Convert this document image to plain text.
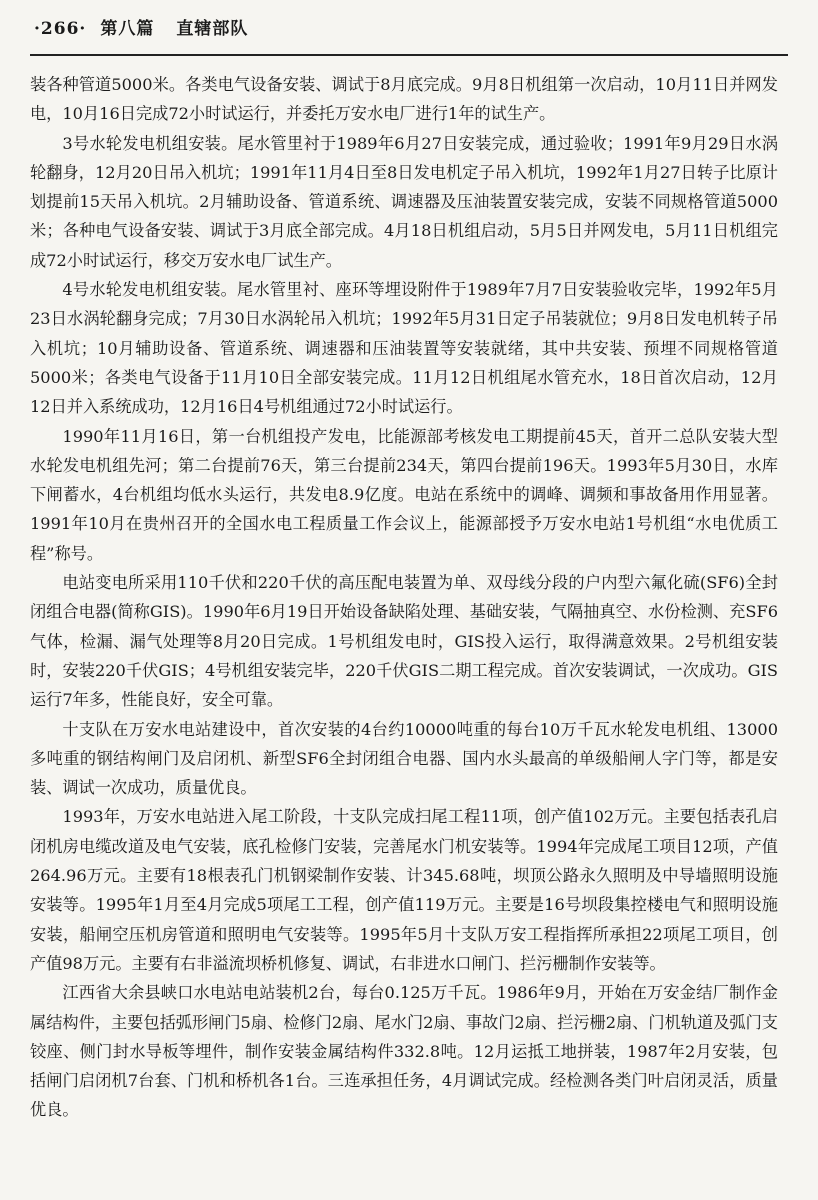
·266· 第八篇 直辖部队

装各种管道5000米。各类电气设备安装、调试于8月底完成。9月8日机组第一次启动，10月11日并网发电，10月16日完成72小时试运行，并委托万安水电厂进行1年的试生产。

3号水轮发电机组安装。尾水管里衬于1989年6月27日安装完成，通过验收；1991年9月29日水涡轮翻身，12月20日吊入机坑；1991年11月4日至8日发电机定子吊入机坑，1992年1月27日转子比原计划提前15天吊入机坑。2月辅助设备、管道系统、调速器及压油装置安装完成，安装不同规格管道5000米；各种电气设备安装、调试于3月底全部完成。4月18日机组启动，5月5日并网发电，5月11日机组完成72小时试运行，移交万安水电厂试生产。

4号水轮发电机组安装。尾水管里衬、座环等埋设附件于1989年7月7日安装验收完毕，1992年5月23日水涡轮翻身完成；7月30日水涡轮吊入机坑；1992年5月31日定子吊装就位；9月8日发电机转子吊入机坑；10月辅助设备、管道系统、调速器和压油装置等安装就绪，其中共安装、预埋不同规格管道5000米；各类电气设备于11月10日全部安装完成。11月12日机组尾水管充水，18日首次启动，12月12日并入系统成功，12月16日4号机组通过72小时试运行。

1990年11月16日，第一台机组投产发电，比能源部考核发电工期提前45天，首开二总队安装大型水轮发电机组先河；第二台提前76天，第三台提前234天，第四台提前196天。1993年5月30日，水库下闸蓄水，4台机组均低水头运行，共发电8.9亿度。电站在系统中的调峰、调频和事故备用作用显著。1991年10月在贵州召开的全国水电工程质量工作会议上，能源部授予万安水电站1号机组“水电优质工程”称号。

电站变电所采用110千伏和220千伏的高压配电装置为单、双母线分段的户内型六氟化硫(SF6)全封闭组合电器(简称GIS)。1990年6月19日开始设备缺陷处理、基础安装，气隔抽真空、水份检测、充SF6气体，检漏、漏气处理等8月20日完成。1号机组发电时，GIS投入运行，取得满意效果。2号机组安装时，安装220千伏GIS；4号机组安装完毕，220千伏GIS二期工程完成。首次安装调试，一次成功。GIS运行7年多，性能良好，安全可靠。

十支队在万安水电站建设中，首次安装的4台约10000吨重的每台10万千瓦水轮发电机组、13000多吨重的钢结构闸门及启闭机、新型SF6全封闭组合电器、国内水头最高的单级船闸人字门等，都是安装、调试一次成功，质量优良。

1993年，万安水电站进入尾工阶段，十支队完成扫尾工程11项，创产值102万元。主要包括表孔启闭机房电缆改道及电气安装，底孔检修门安装，完善尾水门机安装等。1994年完成尾工项目12项，产值264.96万元。主要有18根表孔门机钢梁制作安装、计345.68吨，坝顶公路永久照明及中导墙照明设施安装等。1995年1月至4月完成5项尾工工程，创产值119万元。主要是16号坝段集控楼电气和照明设施安装，船闸空压机房管道和照明电气安装等。1995年5月十支队万安工程指挥所承担22项尾工项目，创产值98万元。主要有右非溢流坝桥机修复、调试，右非进水口闸门、拦污栅制作安装等。

江西省大余县峡口水电站电站装机2台，每台0.125万千瓦。1986年9月，开始在万安金结厂制作金属结构件，主要包括弧形闸门5扇、检修门2扇、尾水门2扇、事故门2扇、拦污栅2扇、门机轨道及弧门支铰座、侧门封水导板等埋件，制作安装金属结构件332.8吨。12月运抵工地拼装，1987年2月安装，包括闸门启闭机7台套、门机和桥机各1台。三连承担任务，4月调试完成。经检测各类门叶启闭灵活，质量优良。
